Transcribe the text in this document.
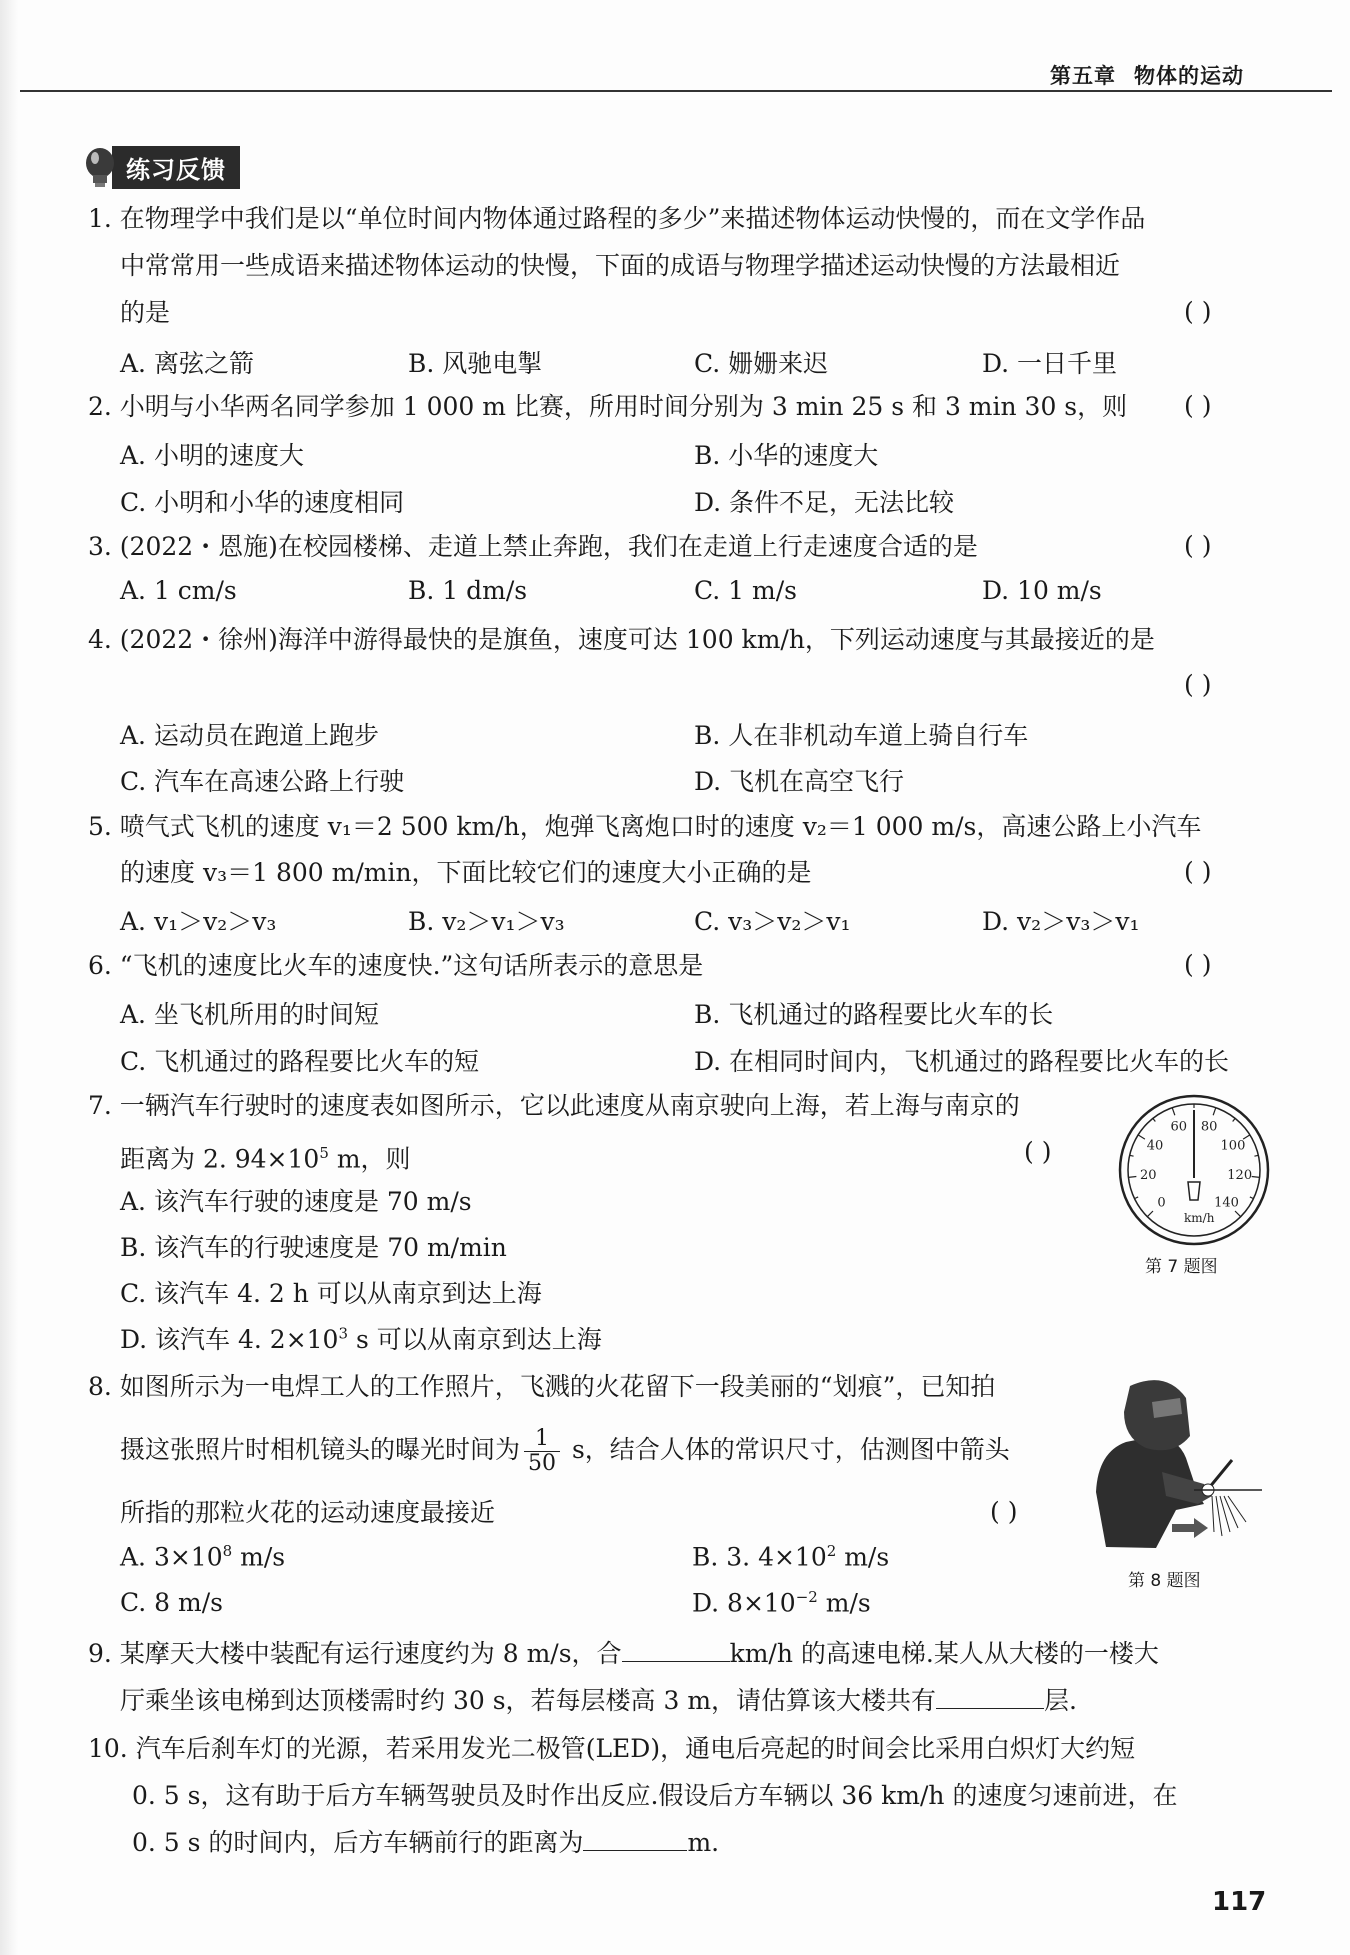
第五章 物体的运动
练习反馈
1. 在物理学中我们是以“单位时间内物体通过路程的多少”来描述物体运动快慢的，而在文学作品
中常常用一些成语来描述物体运动的快慢，下面的成语与物理学描述运动快慢的方法最相近
的是	( )
A. 离弦之箭	B. 风驰电掣	C. 姗姗来迟	D. 一日千里
2. 小明与小华两名同学参加 1 000 m 比赛，所用时间分别为 3 min 25 s 和 3 min 30 s，则 ( )
A. 小明的速度大	B. 小华的速度大
C. 小明和小华的速度相同	D. 条件不足，无法比较
3. (2022・恩施)在校园楼梯、走道上禁止奔跑，我们在走道上行走速度合适的是	( )
A. 1 cm/s	B. 1 dm/s	C. 1 m/s	D. 10 m/s
4. (2022・徐州)海洋中游得最快的是旗鱼，速度可达 100 km/h，下列运动速度与其最接近的是
( )
A. 运动员在跑道上跑步	B. 人在非机动车道上骑自行车
C. 汽车在高速公路上行驶	D. 飞机在高空飞行
5. 喷气式飞机的速度 v₁＝2 500 km/h，炮弹飞离炮口时的速度 v₂＝1 000 m/s，高速公路上小汽车
的速度 v₃＝1 800 m/min，下面比较它们的速度大小正确的是	( )
A. v₁＞v₂＞v₃	B. v₂＞v₁＞v₃	C. v₃＞v₂＞v₁	D. v₂＞v₃＞v₁
6. “飞机的速度比火车的速度快.”这句话所表示的意思是	( )
A. 坐飞机所用的时间短	B. 飞机通过的路程要比火车的长
C. 飞机通过的路程要比火车的短	D. 在相同时间内，飞机通过的路程要比火车的长
7. 一辆汽车行驶时的速度表如图所示，它以此速度从南京驶向上海，若上海与南京的
距离为 2. $94\times 10^5$ m，则	( )
A. 该汽车行驶的速度是 70 m/s
B. 该汽车的行驶速度是 70 m/min
C. 该汽车 4. 2 h 可以从南京到达上海
D. 该汽车 4. $2\times 10^3$ s 可以从南京到达上海
0
20
40
60 80
100
120
140
km/h
第 7 题图
8. 如图所示为一电焊工人的工作照片，飞溅的火花留下一段美丽的“划痕”，已知拍
摄这张照片时相机镜头的曝光时间为 $\frac{1}{50}$ s，结合人体的常识尺寸，估测图中箭头
所指的那粒火花的运动速度最接近	( )
A. $3\times 10^8$ m/s	B. 3. $4\times 10^2$ m/s
C. 8 m/s	D. $8\times 10^{-2}$ m/s
第 8 题图
9. 某摩天大楼中装配有运行速度约为 8 m/s，合	km/h 的高速电梯.某人从大楼的一楼大
厅乘坐该电梯到达顶楼需时约 30 s，若每层楼高 3 m，请估算该大楼共有	层.
10. 汽车后刹车灯的光源，若采用发光二极管(LED)，通电后亮起的时间会比采用白炽灯大约短
0. 5 s，这有助于后方车辆驾驶员及时作出反应.假设后方车辆以 36 km/h 的速度匀速前进，在
0. 5 s 的时间内，后方车辆前行的距离为	m.
117
